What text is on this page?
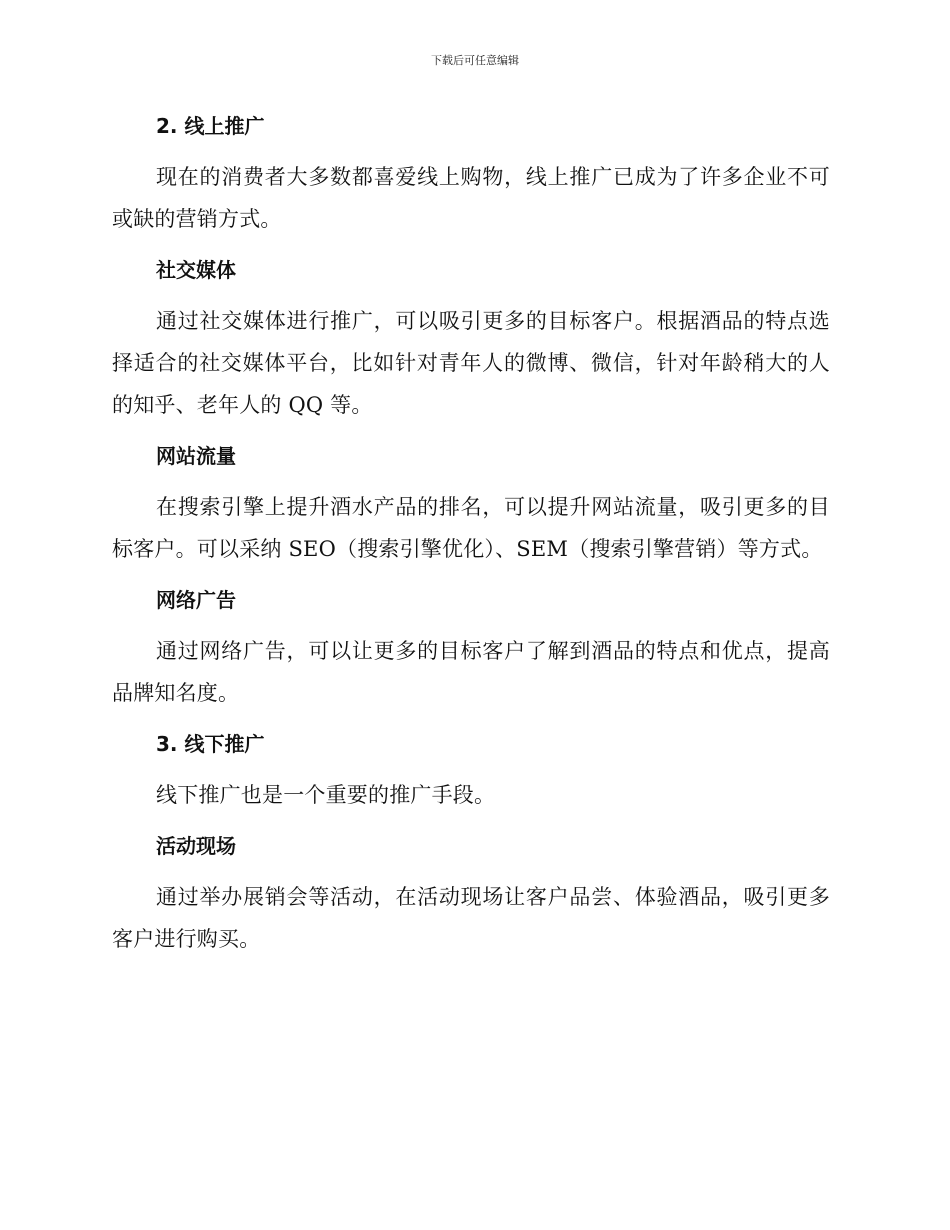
下载后可任意编辑
2. 线上推广

现在的消费者大多数都喜爱线上购物，线上推广已成为了许多企业不可或缺的营销方式。

社交媒体

通过社交媒体进行推广，可以吸引更多的目标客户。根据酒品的特点选择适合的社交媒体平台，比如针对青年人的微博、微信，针对年龄稍大的人的知乎、老年人的 QQ 等。

网站流量

在搜索引擎上提升酒水产品的排名，可以提升网站流量，吸引更多的目标客户。可以采纳 SEO（搜索引擎优化）、SEM（搜索引擎营销）等方式。

网络广告

通过网络广告，可以让更多的目标客户了解到酒品的特点和优点，提高品牌知名度。

3. 线下推广

线下推广也是一个重要的推广手段。

活动现场

通过举办展销会等活动，在活动现场让客户品尝、体验酒品，吸引更多客户进行购买。
